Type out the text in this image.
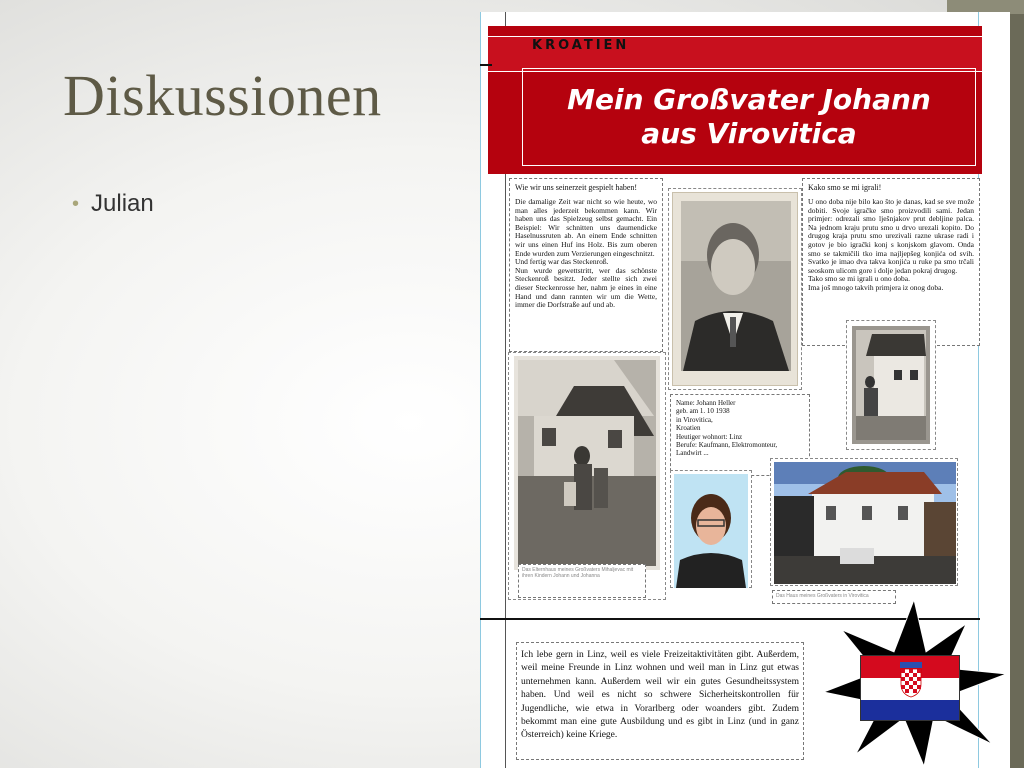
Diskussionen
• Julian
KROATIEN
Mein Großvater Johann
aus Virovitica
Wie wir uns seinerzeit gespielt haben!
Die damalige Zeit war nicht so wie heute, wo man alles jederzeit bekommen kann. Wir haben uns das Spielzeug selbst gemacht. Ein Beispiel: Wir schnitten uns daumendicke Haselnussruten ab. An einem Ende schnitten wir uns einen Huf ins Holz. Bis zum oberen Ende wurden zum Verzierungen eingeschnitzt.
Und fertig war das Steckenroß.
Nun wurde gewettstritt, wer das schönste Steckenroß besitzt. Jeder stellte sich zwei dieser Steckenrosse her, nahm je eines in eine Hand und dann rannten wir um die Wette, immer die Dorfstraße auf und ab.
Kako smo se mi igrali!
U ono doba nije bilo kao što je danas, kad se sve može dobiti. Svoje igračke smo proizvodili sami. Jedan primjer: odrezali smo lješnjakov prut debljine palca. Na jednom kraju prutu smo u drvo urezali kopito. Do drugog kraja prutu smo urezivali razne ukrase radi i gotov je bio igrački konj s konjskom glavom. Onda smo se takmičili tko ima najljepšeg konjića od svih. Svatko je imao dva takva konjića u ruke pa smo trčali seoskom ulicom gore i dolje jedan pokraj drugog.
Tako smo se mi igrali u ono doba.
Ima još mnogo takvih primjera iz onog doba.
Name: Johann Heller
geb. am 1. 10 1938
in Virovitica,
Kroatien
Heutiger wohnort: Linz
Berufe: Kaufmann, Elektromonteur,
Landwirt ...
Das Elternhaus meines Großvaters Mihaljevac mit ihren Kindern Johann und Johanna
Das Haus meines Großvaters in Virovitica
Ich lebe gern in Linz, weil es viele Freizeitaktivitäten gibt. Außerdem, weil meine Freunde in Linz wohnen und weil man in Linz gut etwas unternehmen kann. Außerdem weil wir ein gutes Gesundheitssystem haben. Und weil es nicht so schwere Sicherheitskontrollen für Jugendliche, wie etwa in Vorarlberg oder woanders gibt. Zudem bekommt man eine gute Ausbildung und es gibt in Linz (und in ganz Österreich) keine Kriege.
